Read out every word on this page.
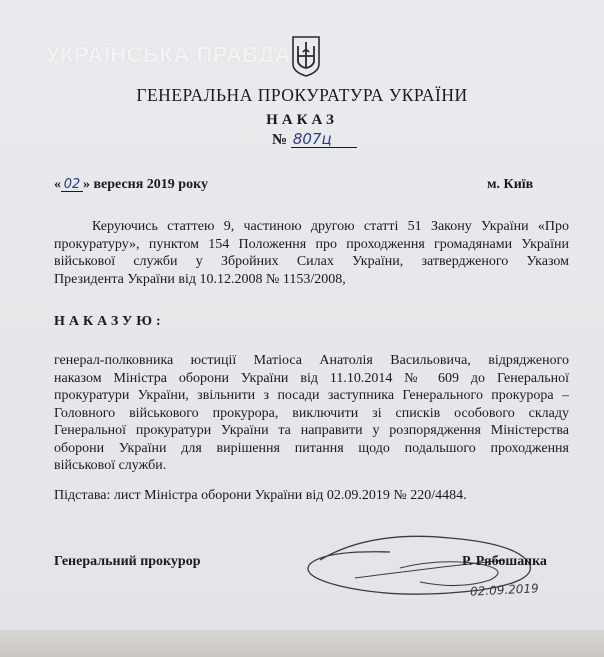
УКРАЇНСЬКА ПРАВДА
ГЕНЕРАЛЬНА ПРОКУРАТУРА УКРАЇНИ
НАКАЗ
№ 807ц
« 02 » вересня 2019 року	м. Київ
Керуючись статтею 9, частиною другою статті 51 Закону України «Про
прокуратуру», пунктом 154 Положення про проходження громадянами України
військової служби у Збройних Силах України, затвердженого Указом
Президента України від 10.12.2008 № 1153/2008,
НАКАЗУЮ:
генерал-полковника юстиції Матіоса Анатолія Васильовича, відрядженого
наказом Міністра оборони України від 11.10.2014 № 609 до Генеральної
прокуратури України, звільнити з посади заступника Генерального прокурора –
Головного військового прокурора, виключити зі списків особового складу
Генеральної прокуратури України та направити у розпорядження Міністерства
оборони України для вирішення питання щодо подальшого проходження
військової служби.
Підстава: лист Міністра оборони України від 02.09.2019 № 220/4484.
Генеральний прокурор	Р. Рябошапка
02.09.2019
